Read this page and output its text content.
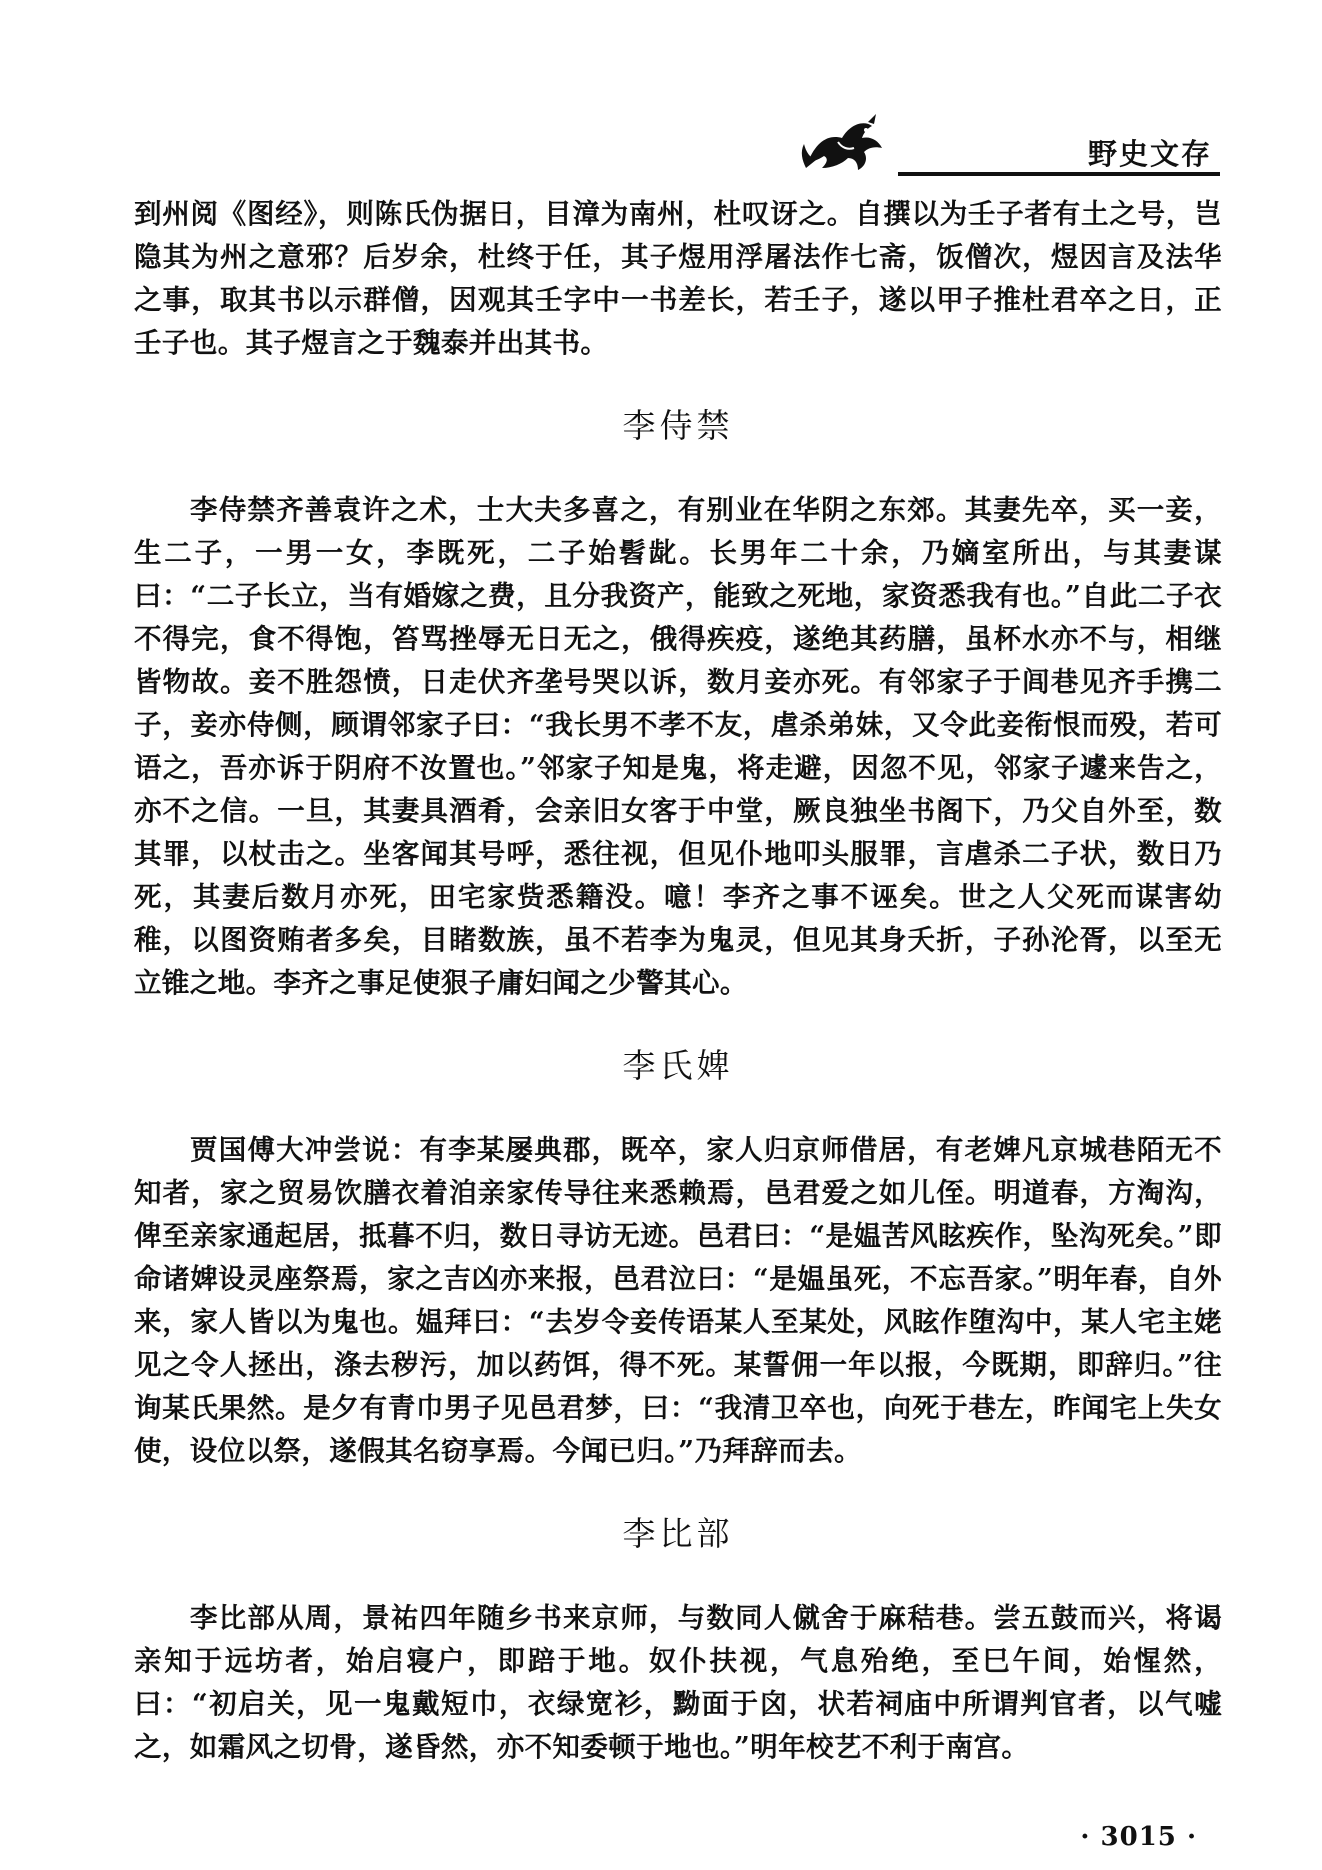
野史文存

到州阅《图经》，则陈氏伪据日，目漳为南州，杜叹讶之。自撰以为壬子者有土之号，岂隐其为州之意邪？后岁余，杜终于任，其子煜用浮屠法作七斋，饭僧次，煜因言及法华之事，取其书以示群僧，因观其壬字中一书差长，若壬子，遂以甲子推杜君卒之日，正壬子也。其子煜言之于魏泰并出其书。

李侍禁

李侍禁齐善袁许之术，士大夫多喜之，有别业在华阴之东郊。其妻先卒，买一妾，生二子，一男一女，李既死，二子始髫龀。长男年二十余，乃嫡室所出，与其妻谋曰：“二子长立，当有婚嫁之费，且分我资产，能致之死地，家资悉我有也。”自此二子衣不得完，食不得饱，笞骂挫辱无日无之，俄得疾疫，遂绝其药膳，虽杯水亦不与，相继皆物故。妾不胜怨愤，日走伏齐垄号哭以诉，数月妾亦死。有邻家子于闾巷见齐手携二子，妾亦侍侧，顾谓邻家子曰：“我长男不孝不友，虐杀弟妹，又令此妾衔恨而殁，若可语之，吾亦诉于阴府不汝置也。”邻家子知是鬼，将走避，因忽不见，邻家子遽来告之，亦不之信。一旦，其妻具酒肴，会亲旧女客于中堂，厥良独坐书阁下，乃父自外至，数其罪，以杖击之。坐客闻其号呼，悉往视，但见仆地叩头服罪，言虐杀二子状，数日乃死，其妻后数月亦死，田宅家赀悉籍没。噫！李齐之事不诬矣。世之人父死而谋害幼稚，以图资贿者多矣，目睹数族，虽不若李为鬼灵，但见其身夭折，子孙沦胥，以至无立锥之地。李齐之事足使狠子庸妇闻之少警其心。

李氏婢

贾国傅大冲尝说：有李某屡典郡，既卒，家人归京师借居，有老婢凡京城巷陌无不知者，家之贸易饮膳衣着洎亲家传导往来悉赖焉，邑君爱之如儿侄。明道春，方淘沟，俾至亲家通起居，抵暮不归，数日寻访无迹。邑君曰：“是媪苦风眩疾作，坠沟死矣。”即命诸婢设灵座祭焉，家之吉凶亦来报，邑君泣曰：“是媪虽死，不忘吾家。”明年春，自外来，家人皆以为鬼也。媪拜曰：“去岁令妾传语某人至某处，风眩作堕沟中，某人宅主姥见之令人拯出，涤去秽污，加以药饵，得不死。某誓佣一年以报，今既期，即辞归。”往询某氏果然。是夕有青巾男子见邑君梦，曰：“我清卫卒也，向死于巷左，昨闻宅上失女使，设位以祭，遂假其名窃享焉。今闻已归。”乃拜辞而去。

李比部

李比部从周，景祐四年随乡书来京师，与数同人僦舍于麻秸巷。尝五鼓而兴，将谒亲知于远坊者，始启寝户，即踣于地。奴仆扶视，气息殆绝，至巳午间，始惺然，曰：“初启关，见一鬼戴短巾，衣绿宽衫，黝面于囟，状若祠庙中所谓判官者，以气嘘之，如霜风之切骨，遂昏然，亦不知委顿于地也。”明年校艺不利于南宫。

· 3015 ·
